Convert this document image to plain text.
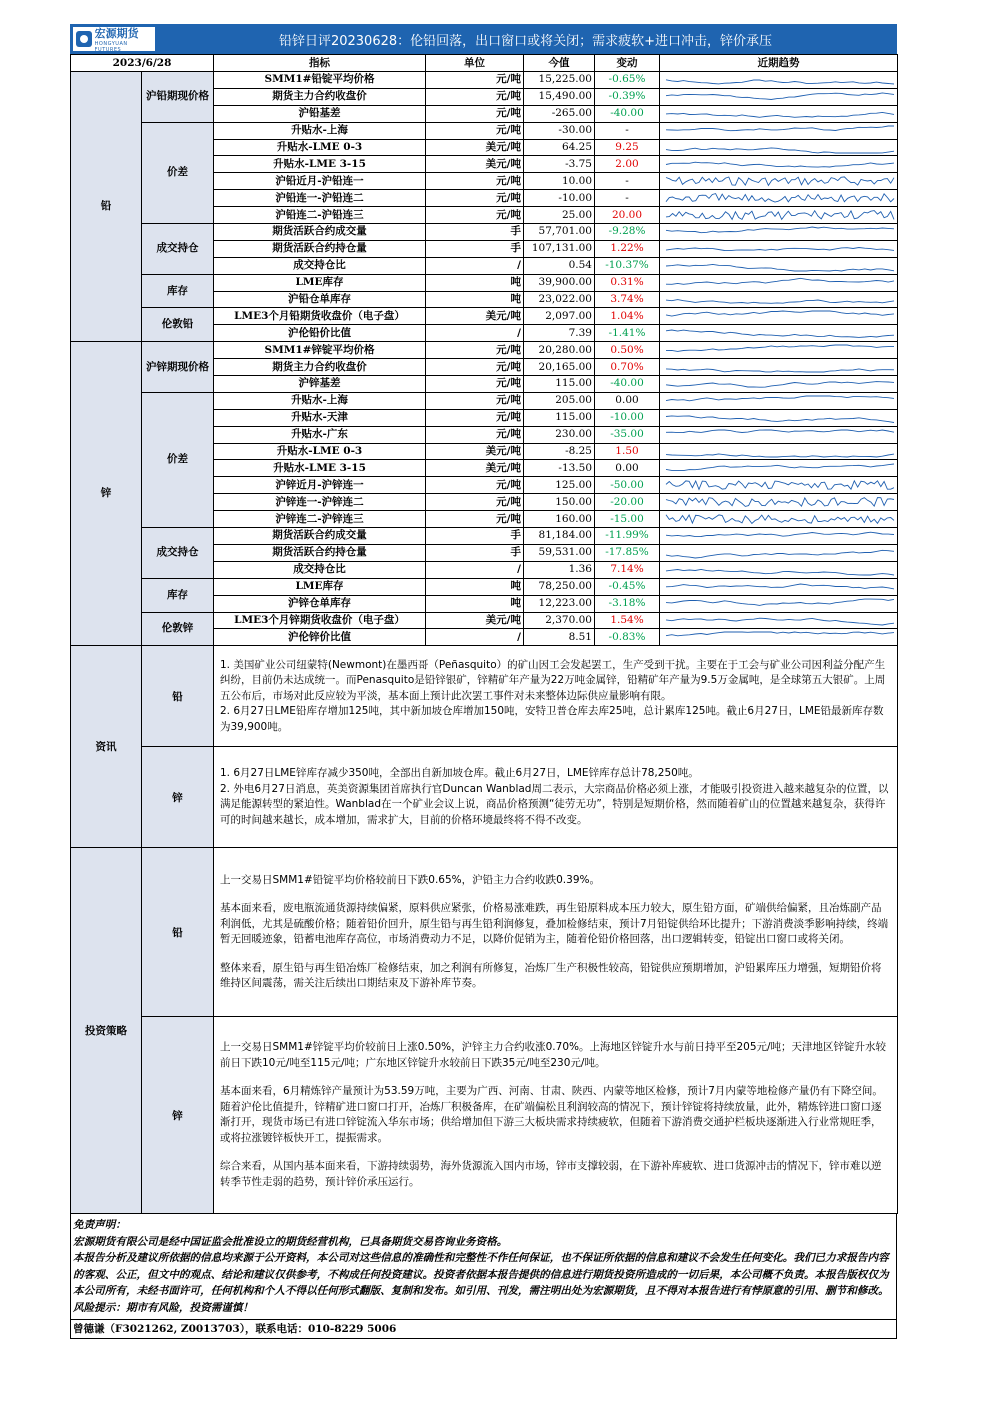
宏源期货
HONGYUAN FUTURES
铅锌日评20230628：伦铅回落，出口窗口或将关闭；需求疲软+进口冲击，锌价承压
2023/6/28		指标	单位	今值	变动	近期趋势
铅	沪铅期现价格	SMM1#铅锭平均价格	元/吨	15,225.00	-0.65%	

		期货主力合约收盘价	元/吨	15,490.00	-0.39%	

		沪铅基差	元/吨	-265.00	-40.00	

	价差	升贴水-上海	元/吨	-30.00	-	

		升贴水-LME 0-3	美元/吨	64.25	9.25	

		升贴水-LME 3-15	美元/吨	-3.75	2.00	

		沪铅近月-沪铅连一	元/吨	10.00	-	

		沪铅连一-沪铅连二	元/吨	-10.00	-	

		沪铅连二-沪铅连三	元/吨	25.00	20.00	

	成交持仓	期货活跃合约成交量	手	57,701.00	-9.28%	

		期货活跃合约持仓量	手	107,131.00	1.22%	

		成交持仓比	/	0.54	-10.37%	

	库存	LME库存	吨	39,900.00	0.31%	

		沪铅仓单库存	吨	23,022.00	3.74%	

	伦敦铅	LME3个月铅期货收盘价（电子盘）	美元/吨	2,097.00	1.04%	

		沪伦铅价比值	/	7.39	-1.41%	

锌	沪锌期现价格	SMM1#锌锭平均价格	元/吨	20,280.00	0.50%	

		期货主力合约收盘价	元/吨	20,165.00	0.70%	

		沪锌基差	元/吨	115.00	-40.00	

	价差	升贴水-上海	元/吨	205.00	0.00	

		升贴水-天津	元/吨	115.00	-10.00	

		升贴水-广东	元/吨	230.00	-35.00	

		升贴水-LME 0-3	美元/吨	-8.25	1.50	

		升贴水-LME 3-15	美元/吨	-13.50	0.00	

		沪锌近月-沪锌连一	元/吨	125.00	-50.00	

		沪锌连一-沪锌连二	元/吨	150.00	-20.00	

		沪锌连二-沪锌连三	元/吨	160.00	-15.00	

	成交持仓	期货活跃合约成交量	手	81,184.00	-11.99%	

		期货活跃合约持仓量	手	59,531.00	-17.85%	

		成交持仓比	/	1.36	7.14%	

	库存	LME库存	吨	78,250.00	-0.45%	

		沪锌仓单库存	吨	12,223.00	-3.18%	

	伦敦锌	LME3个月锌期货收盘价（电子盘）	美元/吨	2,370.00	1.54%	

		沪伦锌价比值	/	8.51	-0.83%	
资讯	铅	1. 美国矿业公司纽蒙特(Newmont)在墨西哥（Peñasquito）的矿山因工会发起罢工，生产受到干扰。主要在于工会与矿业公司因利益分配产生纠纷，目前仍未达成统一。而Penasquito是铅锌银矿，锌精矿年产量为22万吨金属锌，铅精矿年产量为9.5万金属吨，是全球第五大银矿。上周五公布后，市场对此反应较为平淡，基本面上预计此次罢工事件对未来整体边际供应量影响有限。

2. 6月27日LME铅库存增加125吨，其中新加坡仓库增加150吨，安特卫普仓库去库25吨，总计累库125吨。截止6月27日，LME铅最新库存数为39,900吨。

	锌	1. 6月27日LME锌库存减少350吨，全部出自新加坡仓库。截止6月27日，LME锌库存总计78,250吨。

2. 外电6月27日消息，英美资源集团首席执行官Duncan Wanblad周二表示，大宗商品价格必须上涨，才能吸引投资进入越来越复杂的位置，以满足能源转型的紧迫性。Wanblad在一个矿业会议上说，商品价格预测“徒劳无功”，特别是短期价格，然而随着矿山的位置越来越复杂，获得许可的时间越来越长，成本增加，需求扩大，目前的价格环境最终将不得不改变。

投资策略	铅	上一交易日SMM1#铅锭平均价格较前日下跌0.65%，沪铅主力合约收跌0.39%。

基本面来看，废电瓶流通货源持续偏紧，原料供应紧张，价格易涨难跌，再生铅原料成本压力较大，原生铅方面，矿端供给偏紧，且冶炼副产品利润低，尤其是硫酸价格；随着铅价回升，原生铅与再生铅利润修复，叠加检修结束，预计7月铅锭供给环比提升；下游消费淡季影响持续，终端暂无回暖迹象，铅蓄电池库存高位，市场消费动力不足，以降价促销为主，随着伦铅价格回落，出口逻辑转变，铅锭出口窗口或将关闭。

整体来看，原生铅与再生铅冶炼厂检修结束，加之利润有所修复，冶炼厂生产积极性较高，铅锭供应预期增加，沪铅累库压力增强，短期铅价将维持区间震荡，需关注后续出口期结束及下游补库节奏。

	锌	上一交易日SMM1#锌锭平均价较前日上涨0.50%，沪锌主力合约收涨0.70%。上海地区锌锭升水与前日持平至205元/吨；天津地区锌锭升水较前日下跌10元/吨至115元/吨；广东地区锌锭升水较前日下跌35元/吨至230元/吨。

基本面来看，6月精炼锌产量预计为53.59万吨，主要为广西、河南、甘肃、陕西、内蒙等地区检修，预计7月内蒙等地检修产量仍有下降空间。随着沪伦比值提升，锌精矿进口窗口打开，冶炼厂积极备库，在矿端偏松且利润较高的情况下，预计锌锭将持续放量，此外，精炼锌进口窗口逐渐打开，现货市场已有进口锌锭流入华东市场；供给增加但下游三大板块需求持续疲软，但随着下游消费交通护栏板块逐渐进入行业常规旺季，或将拉涨镀锌板快开工，提振需求。

综合来看，从国内基本面来看，下游持续弱势，海外货源流入国内市场，锌市支撑较弱，在下游补库疲软、进口货源冲击的情况下，锌市难以逆转季节性走弱的趋势，预计锌价承压运行。

免责声明：

宏源期货有限公司是经中国证监会批准设立的期货经营机构，已具备期货交易咨询业务资格。

本报告分析及建议所依据的信息均来源于公开资料，本公司对这些信息的准确性和完整性不作任何保证，也不保证所依据的信息和建议不会发生任何变化。我们已力求报告内容的客观、公正，但文中的观点、结论和建议仅供参考，不构成任何投资建议。投资者依据本报告提供的信息进行期货投资所造成的一切后果，本公司概不负责。本报告版权仅为本公司所有，未经书面许可，任何机构和个人不得以任何形式翻版、复制和发布。如引用、刊发，需注明出处为宏源期货，且不得对本报告进行有悖原意的引用、删节和修改。

风险提示：期市有风险，投资需谨慎！

曾德谦（F3021262, Z0013703），联系电话：010-8229 5006
